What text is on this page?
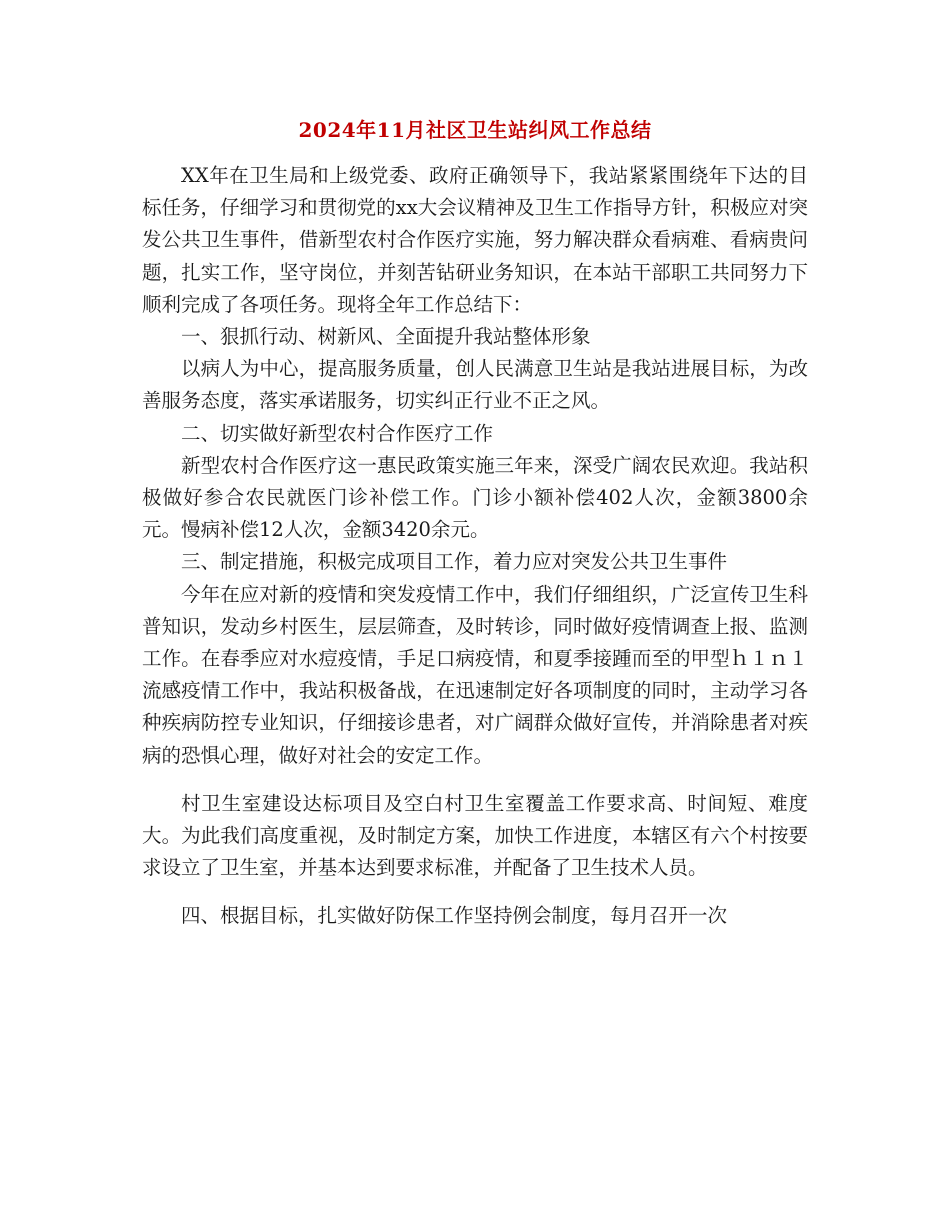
2024年11月社区卫生站纠风工作总结

XX年在卫生局和上级党委、政府正确领导下，我站紧紧围绕年下达的目标任务，仔细学习和贯彻党的xx大会议精神及卫生工作指导方针，积极应对突发公共卫生事件，借新型农村合作医疗实施，努力解决群众看病难、看病贵问题，扎实工作，坚守岗位，并刻苦钻研业务知识，在本站干部职工共同努力下顺利完成了各项任务。现将全年工作总结下：

一、狠抓行动、树新风、全面提升我站整体形象

以病人为中心，提高服务质量，创人民满意卫生站是我站进展目标，为改善服务态度，落实承诺服务，切实纠正行业不正之风。

二、切实做好新型农村合作医疗工作

新型农村合作医疗这一惠民政策实施三年来，深受广阔农民欢迎。我站积极做好参合农民就医门诊补偿工作。门诊小额补偿402人次，金额3800余元。慢病补偿12人次，金额3420余元。

三、制定措施，积极完成项目工作，着力应对突发公共卫生事件

今年在应对新的疫情和突发疫情工作中，我们仔细组织，广泛宣传卫生科普知识，发动乡村医生，层层筛查，及时转诊，同时做好疫情调查上报、监测工作。在春季应对水痘疫情，手足口病疫情，和夏季接踵而至的甲型ｈ１ｎ１流感疫情工作中，我站积极备战，在迅速制定好各项制度的同时，主动学习各种疾病防控专业知识，仔细接诊患者，对广阔群众做好宣传，并消除患者对疾病的恐惧心理，做好对社会的安定工作。

村卫生室建设达标项目及空白村卫生室覆盖工作要求高、时间短、难度大。为此我们高度重视，及时制定方案，加快工作进度，本辖区有六个村按要求设立了卫生室，并基本达到要求标准，并配备了卫生技术人员。

四、根据目标，扎实做好防保工作坚持例会制度，每月召开一次
